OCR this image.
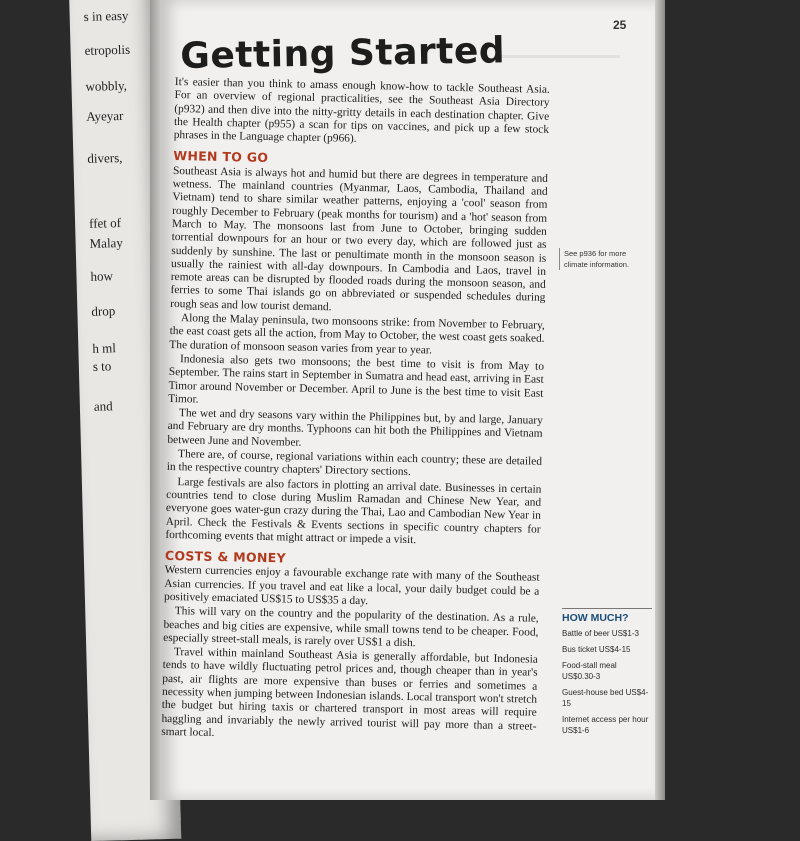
s in easy
etropolis
wobbly,
Ayeyar
divers,
ffet of
Malay
how
drop
h ml
s to
and
25
Getting Started

It's easier than you think to amass enough know-how to tackle Southeast Asia. For an overview of regional practicalities, see the Southeast Asia Directory (p932) and then dive into the nitty-gritty details in each destination chapter. Give the Health chapter (p955) a scan for tips on vaccines, and pick up a few stock phrases in the Language chapter (p966).

WHEN TO GO

Southeast Asia is always hot and humid but there are degrees in temperature and wetness. The mainland countries (Myanmar, Laos, Cambodia, Thailand and Vietnam) tend to share similar weather patterns, enjoying a 'cool' season from roughly December to February (peak months for tourism) and a 'hot' season from March to May. The monsoons last from June to October, bringing sudden torrential downpours for an hour or two every day, which are followed just as suddenly by sunshine. The last or penultimate month in the monsoon season is usually the rainiest with all-day downpours. In Cambodia and Laos, travel in remote areas can be disrupted by flooded roads during the monsoon season, and ferries to some Thai islands go on abbreviated or suspended schedules during rough seas and low tourist demand.

Along the Malay peninsula, two monsoons strike: from November to February, the east coast gets all the action, from May to October, the west coast gets soaked. The duration of monsoon season varies from year to year.

Indonesia also gets two monsoons; the best time to visit is from May to September. The rains start in September in Sumatra and head east, arriving in East Timor around November or December. April to June is the best time to visit East Timor.

The wet and dry seasons vary within the Philippines but, by and large, January and February are dry months. Typhoons can hit both the Philippines and Vietnam between June and November.

There are, of course, regional variations within each country; these are detailed in the respective country chapters' Directory sections.

Large festivals are also factors in plotting an arrival date. Businesses in certain countries tend to close during Muslim Ramadan and Chinese New Year, and everyone goes water-gun crazy during the Thai, Lao and Cambodian New Year in April. Check the Festivals & Events sections in specific country chapters for forthcoming events that might attract or impede a visit.

COSTS & MONEY

Western currencies enjoy a favourable exchange rate with many of the Southeast Asian currencies. If you travel and eat like a local, your daily budget could be a positively emaciated US$15 to US$35 a day.

This will vary on the country and the popularity of the destination. As a rule, beaches and big cities are expensive, while small towns tend to be cheaper. Food, especially street-stall meals, is rarely over US$1 a dish.

Travel within mainland Southeast Asia is generally affordable, but Indonesia tends to have wildly fluctuating petrol prices and, though cheaper than in year's past, air flights are more expensive than buses or ferries and sometimes a necessity when jumping between Indonesian islands. Local transport won't stretch the budget but hiring taxis or chartered transport in most areas will require haggling and invariably the newly arrived tourist will pay more than a street-smart local.

See p936 for more climate information.
HOW MUCH?
Battle of beer US$1-3
Bus ticket US$4-15
Food-stall meal US$0.30-3
Guest-house bed US$4-15
Internet access per hour US$1-6
